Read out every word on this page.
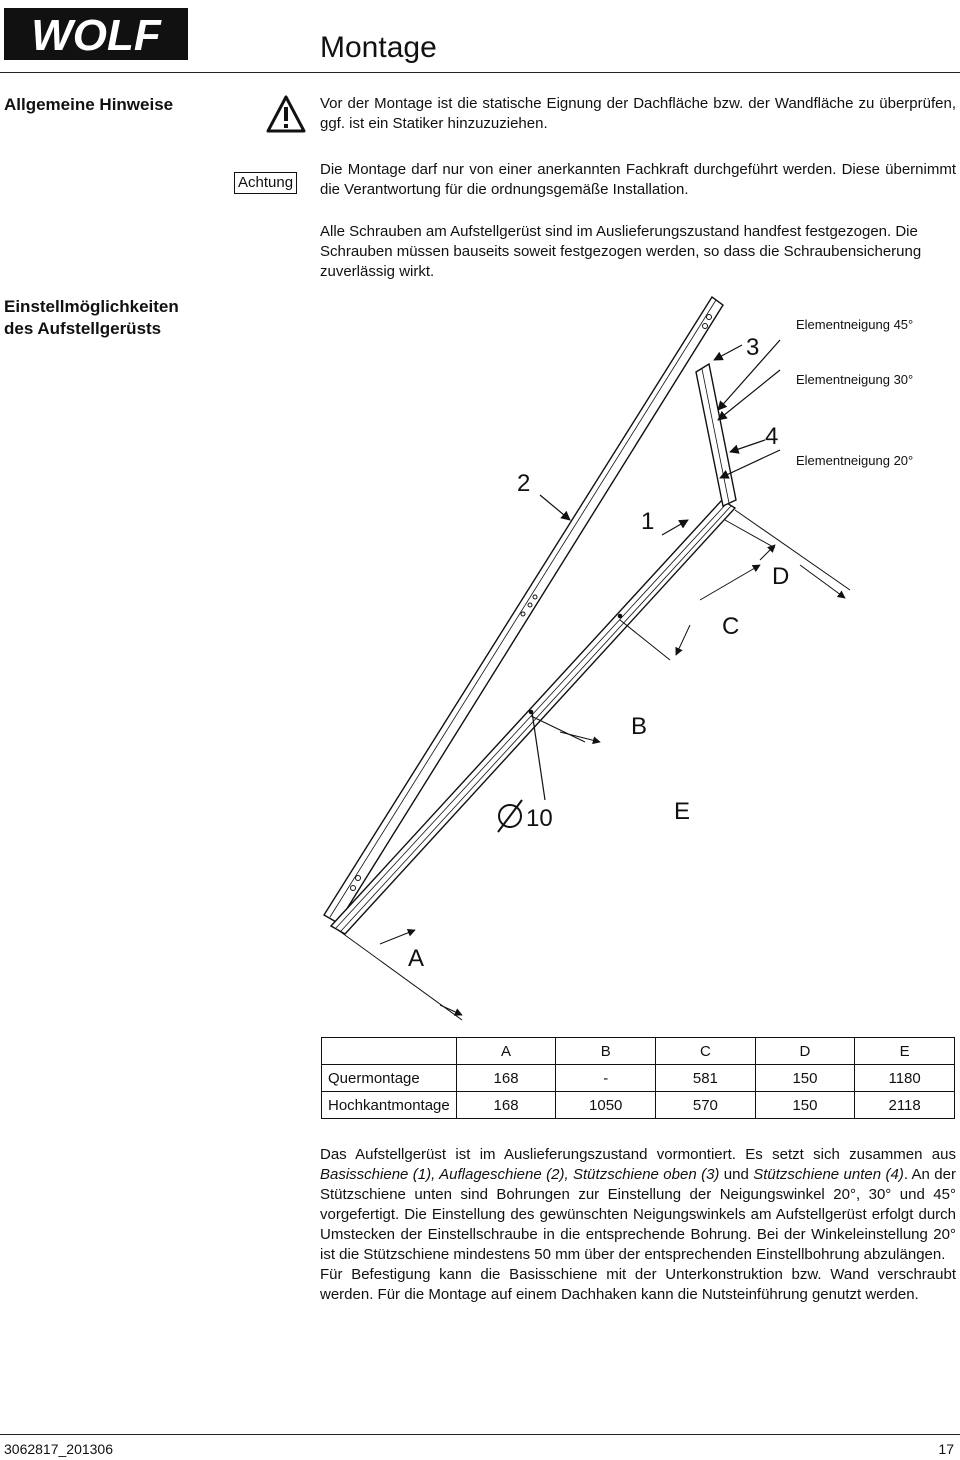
WOLF	Montage
Allgemeine Hinweise	Vor der Montage ist die statische Eignung der Dachfläche bzw. der Wandfläche zu überprüfen, ggf. ist ein Statiker hinzuzuziehen.
Achtung
Die Montage darf nur von einer anerkannten Fachkraft durchgeführt werden. Diese übernimmt die Verantwortung für die ordnungsgemäße Installation.
Alle Schrauben am Aufstellgerüst sind im Auslieferungszustand handfest festgezogen. Die Schrauben müssen bauseits soweit festgezogen werden, so dass die Schraubensicherung zuverlässig wirkt.
Einstellmöglichkeiten
des Aufstellgerüsts
2
1
3
4
D
C
B
E
A
10
Elementneigung 45°
Elementneigung 30°
Elementneigung 20°
	A	B	C	D	E
Quermontage	168	-	581	150	1180
Hochkantmontage	168	1050	570	150	2118
Das Aufstellgerüst ist im Auslieferungszustand vormontiert. Es setzt sich zusammen aus Basisschiene (1), Auflageschiene (2), Stützschiene oben (3) und Stützschiene unten (4). An der Stützschiene unten sind Bohrungen zur Einstellung der Neigungswinkel 20°, 30° und 45° vorgefertigt. Die Einstellung des gewünschten Neigungswinkels am Aufstellgerüst erfolgt durch Umstecken der Einstellschraube in die entsprechende Bohrung. Bei der Winkeleinstellung 20° ist die Stützschiene mindestens 50 mm über der entsprechenden Einstellbohrung abzulängen.
Für Befestigung kann die Basisschiene mit der Unterkonstruktion bzw. Wand verschraubt werden. Für die Montage auf einem Dachhaken kann die Nutsteinführung genutzt werden.
3062817_201306	17
